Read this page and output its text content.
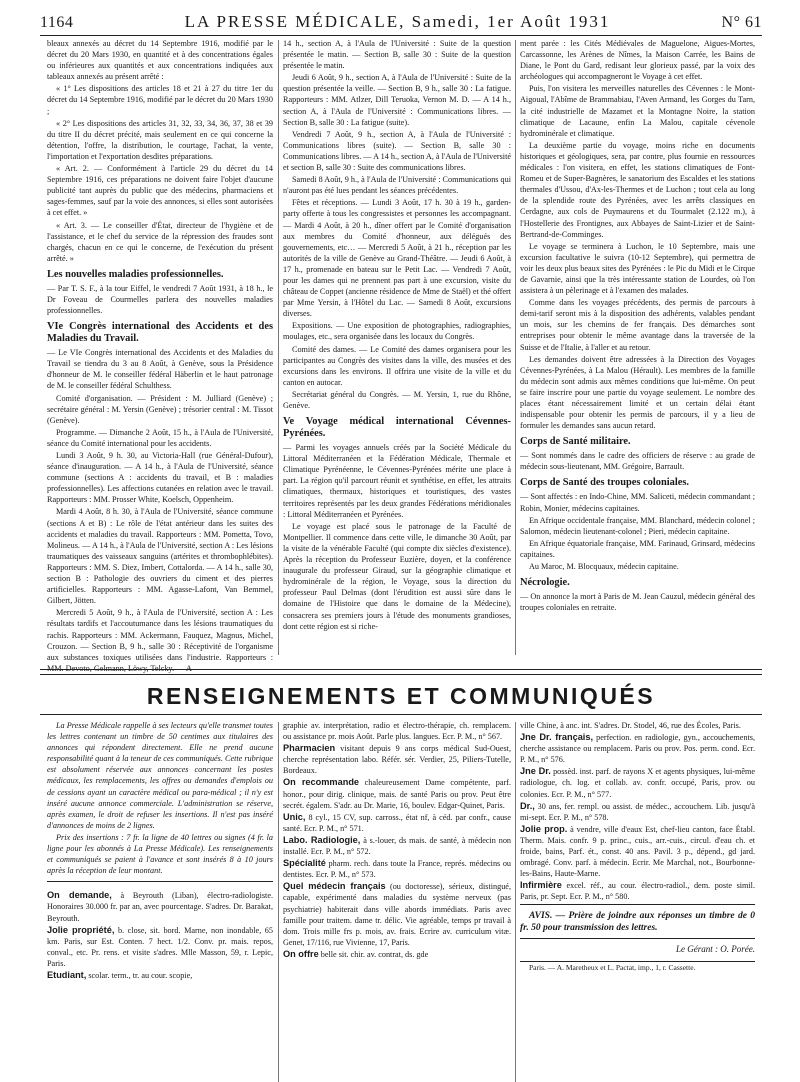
1164	LA PRESSE MÉDICALE, Samedi, 1er Août 1931	N° 61

bleaux annexés au décret du 14 Septembre 1916, modifié par le décret du 20 Mars 1930, en quantité et à des concentrations égales ou inférieures aux quantités et aux concentrations indiquées aux tableaux annexés au présent arrêté :

« 1° Les dispositions des articles 18 et 21 à 27 du titre 1er du décret du 14 Septembre 1916, modifié par le décret du 20 Mars 1930 ;

« 2° Les dispositions des articles 31, 32, 33, 34, 36, 37, 38 et 39 du titre II du décret précité, mais seulement en ce qui concerne la détention, l'offre, la distribution, le courtage, l'achat, la vente, l'importation et l'exportation desdites préparations.

« Art. 2. — Conformément à l'article 29 du décret du 14 Septembre 1916, ces préparations ne doivent faire l'objet d'aucune publicité tant auprès du public que des médecins, pharmaciens et sages-femmes, sauf par la voie des annonces, si elles sont autorisées à cet effet. »

« Art. 3. — Le conseiller d'État, directeur de l'hygiène et de l'assistance, et le chef du service de la répression des fraudes sont chargés, chacun en ce qui le concerne, de l'exécution du présent arrêté. »

Les nouvelles maladies professionnelles.

— Par T. S. F., à la tour Eiffel, le vendredi 7 Août 1931, à 18 h., le Dr Foveau de Courmelles parlera des nouvelles maladies professionnelles.

VIe Congrès international des Accidents et des Maladies du Travail.

— Le VIe Congrès international des Accidents et des Maladies du Travail se tiendra du 3 au 8 Août, à Genève, sous la Présidence d'honneur de M. le conseiller fédéral Häberlin et le haut patronage de M. le conseiller fédéral Schulthess.

Comité d'organisation. — Président : M. Julliard (Genève) ; secrétaire général : M. Yersin (Genève) ; trésorier central : M. Tissot (Genève).

Programme. — Dimanche 2 Août, 15 h., à l'Aula de l'Université, séance du Comité international pour les accidents.

Lundi 3 Août, 9 h. 30, au Victoria-Hall (rue Général-Dufour), séance d'inauguration. — A 14 h., à l'Aula de l'Université, séance commune (sections A : accidents du travail, et B : maladies professionnelles). Les affections cutanées en relation avec le travail. Rapporteurs : MM. Prosser White, Koelsch, Oppenheim.

Mardi 4 Août, 8 h. 30, à l'Aula de l'Université, séance commune (sections A et B) : Le rôle de l'état antérieur dans les suites des accidents et maladies du travail. Rapporteurs : MM. Pometta, Tovo, Molineus. — A 14 h., à l'Aula de l'Université, section A : Les lésions traumatiques des vaisseaux sanguins (artérites et thrombophlébites). Rapporteurs : MM. S. Diez, Imbert, Cottalorda. — A 14 h., salle 30, section B : Pathologie des ouvriers du ciment et des pierres artificielles. Rapporteurs : MM. Agasse-Lafont, Van Bemmel, Gilbert, Jötten.

Mercredi 5 Août, 9 h., à l'Aula de l'Université, section A : Les résultats tardifs et l'accoutumance dans les lésions traumatiques du rachis. Rapporteurs : MM. Ackermann, Fauquez, Magnus, Michel, Crouzon. — Section B, 9 h., salle 30 : Réceptivité de l'organisme aux substances toxiques utilisées dans l'industrie. Rapporteurs : MM. Devoto, Gelmann, Löwy, Telcky. — A

14 h., section A, à l'Aula de l'Université : Suite de la question présentée le matin. — Section B, salle 30 : Suite de la question présentée le matin.

Jeudi 6 Août, 9 h., section A, à l'Aula de l'Université : Suite de la question présentée la veille. — Section B, 9 h., salle 30 : La fatigue. Rapporteurs : MM. Atlzer, Dill Teruoka, Vernon M. D. — A 14 h., section A, à l'Aula de l'Université : Communications libres. — Section B, salle 30 : La fatigue (suite).

Vendredi 7 Août, 9 h., section A, à l'Aula de l'Université : Communications libres (suite). — Section B, salle 30 : Communications libres. — A 14 h., section A, à l'Aula de l'Université et section B, salle 30 : Suite des communications libres.

Samedi 8 Août, 9 h., à l'Aula de l'Université : Communications qui n'auront pas été lues pendant les séances précédentes.

Fêtes et réceptions. — Lundi 3 Août, 17 h. 30 à 19 h., garden-party offerte à tous les congressistes et personnes les accompagnant. — Mardi 4 Août, à 20 h., dîner offert par le Comité d'organisation aux membres du Comité d'honneur, aux délégués des gouvernements, etc… — Mercredi 5 Août, à 21 h., réception par les autorités de la ville de Genève au Grand-Théâtre. — Jeudi 6 Août, à 17 h., promenade en bateau sur le Petit Lac. — Vendredi 7 Août, pour les dames qui ne prennent pas part à une excursion, visite du château de Coppet (ancienne résidence de Mme de Staël) et thé offert par Mme Yersin, à l'Hôtel du Lac. — Samedi 8 Août, excursions diverses.

Expositions. — Une exposition de photographies, radiographies, moulages, etc., sera organisée dans les locaux du Congrès.

Comité des dames. — Le Comité des dames organisera pour les participantes au Congrès des visites dans la ville, des musées et des excursions dans les environs. Il offrira une visite de la ville et du canton en autocar.

Secrétariat général du Congrès. — M. Yersin, 1, rue du Rhône, Genève.

Ve Voyage médical international Cévennes-Pyrénées.

— Parmi les voyages annuels créés par la Société Médicale du Littoral Méditerranéen et la Fédération Médicale, Thermale et Climatique Pyrénéenne, le Cévennes-Pyrénées mérite une place à part. La région qu'il parcourt réunit et synthétise, en effet, les attraits climatiques, thermaux, historiques et touristiques, des vastes territoires représentés par les deux grandes Fédérations méridionales : Littoral Méditerranéen et Pyrénées.

Le voyage est placé sous le patronage de la Faculté de Montpellier. Il commence dans cette ville, le dimanche 30 Août, par la visite de la vénérable Faculté (qui compte dix siècles d'existence). Après la réception du Professeur Euzière, doyen, et la conférence inaugurale du professeur Giraud, sur la géographie climatique et hydrominérale de la région, le Voyage, sous la direction du professeur Paul Delmas (dont l'érudition est aussi sûre dans le domaine de l'Histoire que dans le domaine de la Médecine), consacrera ses premiers jours à l'étude des monuments grandioses, dont cette région est si riche-

ment parée : les Cités Médiévales de Maguelone, Aigues-Mortes, Carcassonne, les Arènes de Nîmes, la Maison Carrée, les Bains de Diane, le Pont du Gard, redisant leur glorieux passé, par la voix des archéologues qui accompagneront le Voyage à cet effet.

Puis, l'on visitera les merveilles naturelles des Cévennes : le Mont-Aigoual, l'Abîme de Brammabiau, l'Aven Armand, les Gorges du Tarn, la cité industrielle de Mazamet et la Montagne Noire, la station climatique de Lacaune, enfin La Malou, capitale cévenole hydrominérale et climatique.

La deuxième partie du voyage, moins riche en documents historiques et géologiques, sera, par contre, plus fournie en ressources médicales : l'on visitera, en effet, les stations climatiques de Font-Romeu et de Super-Bagnères, le sanatorium des Escaldes et les stations thermales d'Ussou, d'Ax-les-Thermes et de Luchon ; tout cela au long de la splendide route des Pyrénées, avec les arrêts classiques en Cerdagne, aux cols de Puymaurens et du Tourmalet (2.122 m.), à l'Hostellerie des Frontignes, aux Abbayes de Saint-Lizier et de Saint-Bertrand-de-Comminges.

Le voyage se terminera à Luchon, le 10 Septembre, mais une excursion facultative le suivra (10-12 Septembre), qui permettra de voir les deux plus beaux sites des Pyrénées : le Pic du Midi et le Cirque de Gavarnie, ainsi que la très intéressante station de Lourdes, où l'on assistera à un pèlerinage et à l'examen des malades.

Comme dans les voyages précédents, des permis de parcours à demi-tarif seront mis à la disposition des adhérents, valables pendant un mois, sur les chemins de fer français. Des démarches sont entreprises pour obtenir le même avantage dans la traversée de la Suisse et de l'Italie, à l'aller et au retour.

Les demandes doivent être adressées à la Direction des Voyages Cévennes-Pyrénées, à La Malou (Hérault). Les membres de la famille du médecin sont admis aux mêmes conditions que lui-même. On peut se faire inscrire pour une partie du voyage seulement. Le nombre des places étant nécessairement limité et un certain délai étant indispensable pour obtenir les permis de parcours, il y a lieu de formuler les demandes sans aucun retard.

Corps de Santé militaire.

— Sont nommés dans le cadre des officiers de réserve : au grade de médecin sous-lieutenant, MM. Grégoire, Barrault.

Corps de Santé des troupes coloniales.

— Sont affectés : en Indo-Chine, MM. Saliceti, médecin commandant ; Robin, Monier, médecins capitaines.

En Afrique occidentale française, MM. Blanchard, médecin colonel ; Salomon, médecin lieutenant-colonel ; Pieri, médecin capitaine.

En Afrique équatoriale française, MM. Farinaud, Grinsard, médecins capitaines.

Au Maroc, M. Blocquaux, médecin capitaine.

Nécrologie.

— On annonce la mort à Paris de M. Jean Cauzul, médecin général des troupes coloniales en retraite.

RENSEIGNEMENTS ET COMMUNIQUÉS

La Presse Médicale rappelle à ses lecteurs qu'elle transmet toutes les lettres contenant un timbre de 50 centimes aux titulaires des annonces qui répondent directement. Elle ne prend aucune responsabilité quant à la teneur de ces communiqués. Cette rubrique est absolument réservée aux annonces concernant les postes médicaux, les remplacements, les offres ou demandes d'emplois ou de cessions ayant un caractère médical ou para-médical ; il n'y est inséré aucune annonce commerciale. L'administration se réserve, après examen, le droit de refuser les insertions. Il n'est pas inséré d'annonces de moins de 2 lignes.

Prix des insertions : 7 fr. la ligne de 40 lettres ou signes (4 fr. la ligne pour les abonnés à La Presse Médicale). Les renseignements et communiqués se paient à l'avance et sont insérés 8 à 10 jours après la réception de leur montant.

On demande, à Beyrouth (Liban), électro-radiologiste. Honoraires 30.000 fr. par an, avec pourcentage. S'adres. Dr. Barakat, Beyrouth.

Jolie propriété, b. close, sit. bord. Marne, non inondable, 65 km. Paris, sur Est. Conten. 7 hect. 1/2. Conv. pr. mais. repos, conval., etc. Pr. rens. et visite s'adres. Mlle Masson, 59, r. Lepic, Paris.

Etudiant, scolar. term., tr. au cour. scopie,

graphie av. interprétation, radio et électro-thérapie, ch. remplacem. ou assistance pr. mois Août. Parle plus. langues. Ecr. P. M., n° 567.

Pharmacien visitant depuis 9 ans corps médical Sud-Ouest, cherche représentation labo. Référ. sér. Verdier, 25, Piliers-Tutelle, Bordeaux.

On recommande chaleureusement Dame compétente, parf. honor., pour dirig. clinique, mais. de santé Paris ou prov. Peut être secrét. égalem. S'adr. au Dr. Marie, 16, boulev. Edgar-Quinet, Paris.

Unic, 8 cyl., 15 CV, sup. carross., état nf, à céd. par confr., cause santé. Ecr. P. M., n° 571.

Labo. Radiologie, à s.-louer, ds mais. de santé, à médecin non installé. Ecr. P. M., n° 572.

Spécialité pharm. rech. dans toute la France, représ. médecins ou dentistes. Ecr. P. M., n° 573.

Quel médecin français (ou doctoresse), sérieux, distingué, capable, expérimenté dans maladies du système nerveux (pas psychiatrie) habiterait dans ville abords immédiats. Paris avec famille pour traitem. dame tr. délic. Vie agréable, temps pr travail à dom. Trois mille frs p. mois, av. frais. Ecrire av. curriculum vitæ. Genet, 17/116, rue Vivienne, 17, Paris.

On offre belle sit. chir. av. contrat, ds. gde

ville Chine, à anc. int. S'adres. Dr. Stodel, 46, rue des Écoles, Paris.

Jne Dr. français, perfection. en radiologie, gyn., accouchements, cherche assistance ou remplacem. Paris ou prov. Pos. perm. cond. Ecr. P. M., n° 576.

Jne Dr. possèd. inst. parf. de rayons X et agents physiques, lui-même radiologue, ch. log. et collab. av. confr. occupé, Paris, prov. ou colonies. Ecr. P. M., n° 577.

Dr., 30 ans, fer. rempl. ou assist. de médec., accouchem. Lib. jusqu'à mi-sept. Ecr. P. M., n° 578.

Jolie prop. à vendre, ville d'eaux Est, chef-lieu canton, face Établ. Therm. Mais. confr. 9 p. princ., cuis., arr.-cuis., circul. d'eau ch. et froide, bains, Parf. ét., const. 40 ans. Pavil. 3 p., dépend., gd jard. ombragé. Conv. parf. à médecin. Ecrir. Me Marchal, not., Bourbonne-les-Bains, Haute-Marne.

Infirmière excel. réf., au cour. électro-radiol., dem. poste simil. Paris, pr. Sept. Ecr. P. M., n° 580.

AVIS. — Prière de joindre aux réponses un timbre de 0 fr. 50 pour transmission des lettres.

Le Gérant : O. Porée.

Paris. — A. Maretheux et L. Pactat, imp., 1, r. Cassette.
